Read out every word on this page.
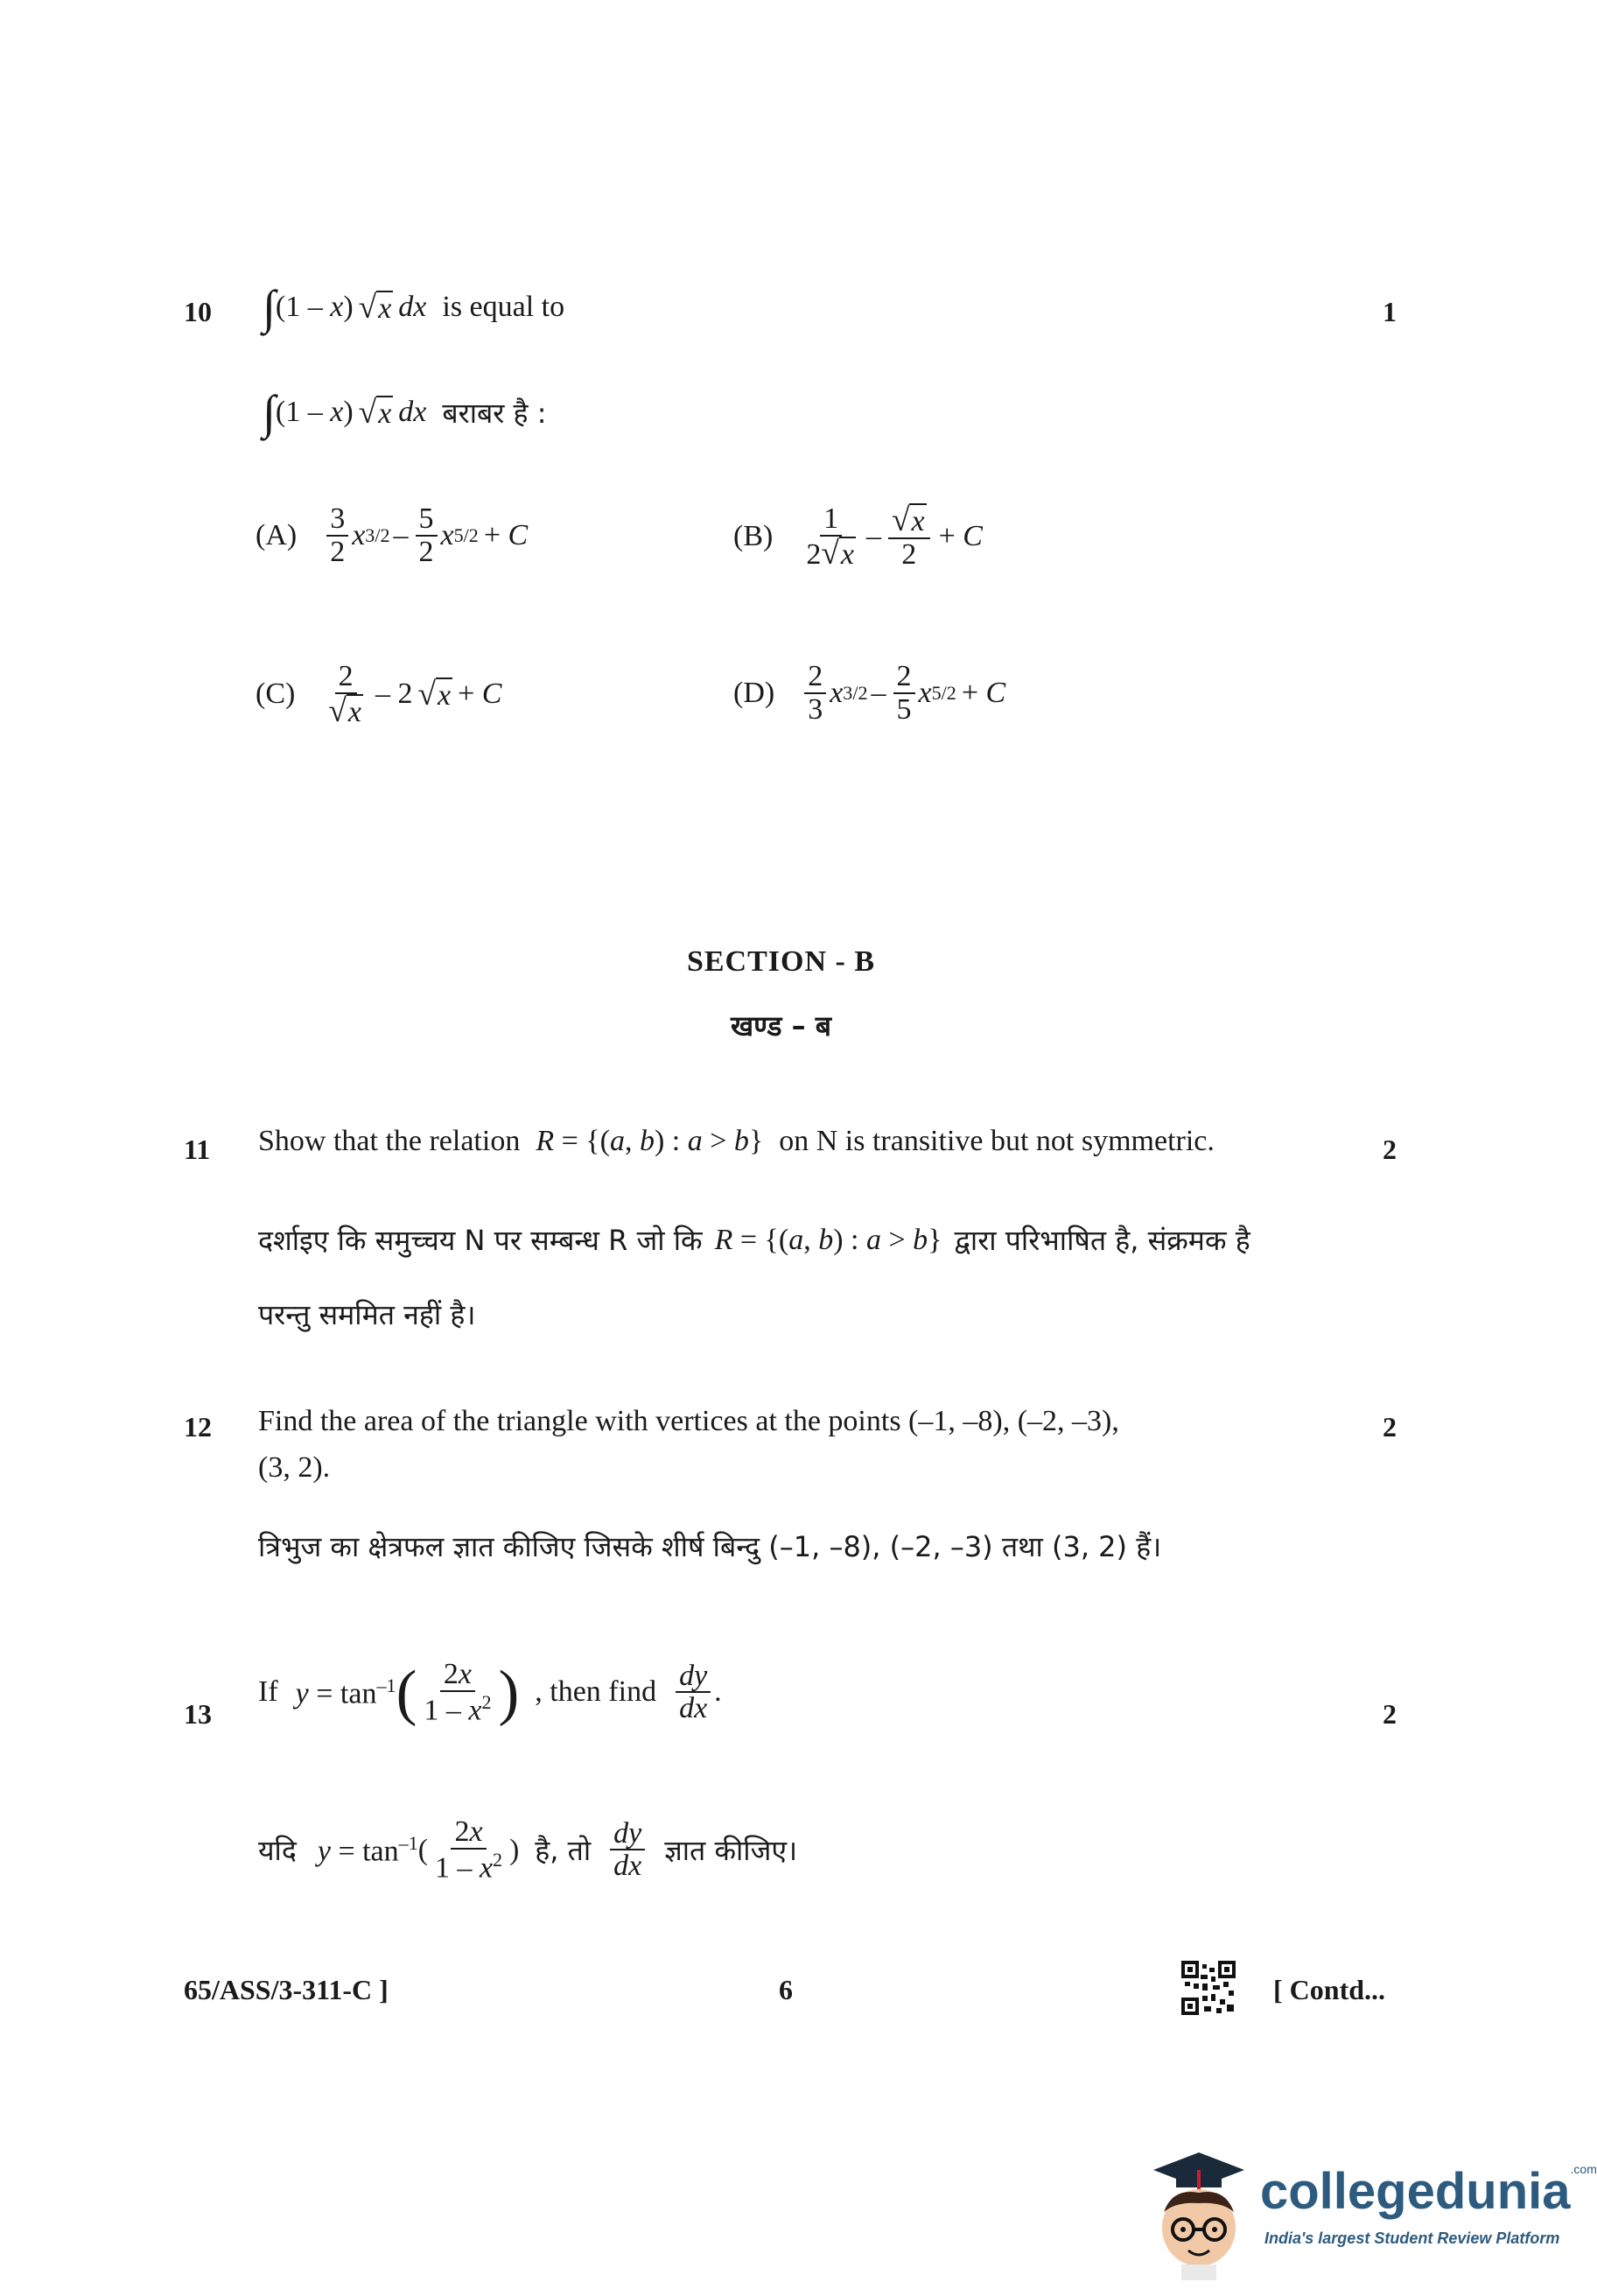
10	1
∫ (1 – x) √x dx is equal to
∫ (1 – x) √x dx बराबर है :
$(A) \frac{3}{2}$ x $3/2 - \frac{5}{2}$ x 5/2 + C	$(B) \frac{1}{2√x} - \frac{√x}{2} + C$
$(C) \frac{2}{√x} - 2$ √x + C	$(D) \frac{2}{3}$ x $3/2 - \frac{2}{5}$ x 5/2 + C
SECTION - B
खण्ड – ब
11	2
Show that the relation R = {(a, b) : a > b} on N is transitive but not symmetric.
दर्शाइए कि समुच्चय N पर सम्बन्ध R जो कि R = {(a, b) : a > b} द्वारा परिभाषित है, संक्रमक है
परन्तु सममित नहीं है।
12	2
Find the area of the triangle with vertices at the points (–1, –8), (–2, –3),
(3, 2).
त्रिभुज का क्षेत्रफल ज्ञात कीजिए जिसके शीर्ष बिन्दु (–1, –8), (–2, –3) तथा (3, 2) हैं।
13	2
If $y = \tan^{-1}$ ( $\frac{2x}{1 - x^2}$ ) , then find $\frac{dy}{dx}$ .
यदि $y = \tan^{-1}$ ( $\frac{2x}{1 - x^2}$ ) है, तो $\frac{dy}{dx}$ ज्ञात कीजिए।
65/ASS/3-311-C ]	6	[ Contd...
collegedunia.com
India's largest Student Review Platform
